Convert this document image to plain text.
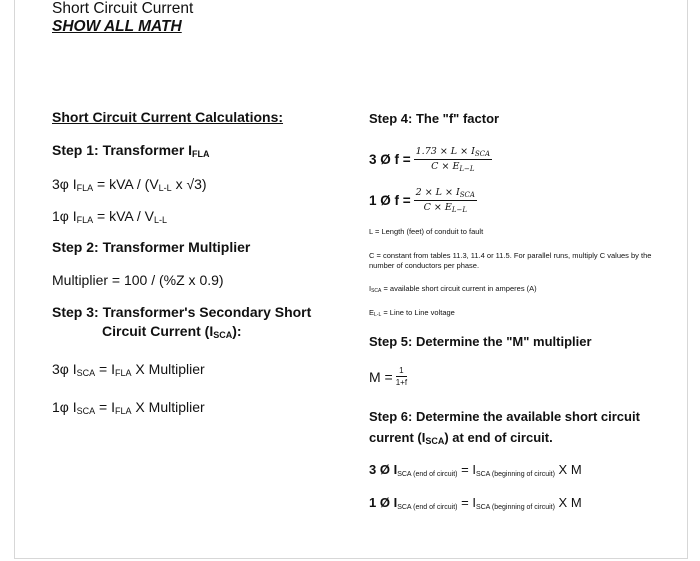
Short Circuit Current
SHOW ALL MATH
Short Circuit Current Calculations:
Step 1: Transformer $I_{FLA}$
3φ $I_{FLA}$ = kVA / ($V_{L-L}$ x √3)
1φ $I_{FLA}$ = kVA / $V_{L-L}$
Step 2: Transformer Multiplier
Multiplier = 100 / (%Z x 0.9)
Step 3: Transformer's Secondary Short
Circuit Current $(I_{SCA})$:
3φ $I_{SCA} = I_{FLA}$ X Multiplier
1φ $I_{SCA} = I_{FLA}$ X Multiplier
Step 4: The "f" factor
3 Ø $f = \frac{1.73 \times L \times I_{SCA}}{C \times E_{L-L}}$
1 Ø $f = \frac{2 \times L \times I_{SCA}}{C \times E_{L-L}}$
L = Length (feet) of conduit to fault
C = constant from tables 11.3, 11.4 or 11.5. For parallel runs, multiply C values by the number of conductors per phase.
ISCA = available short circuit current in amperes (A)
EL-L = Line to Line voltage
Step 5: Determine the "M" multiplier
$M = \frac{1}{1+f}$
Step 6: Determine the available short circuit
current $(I_{SCA})$ at end of circuit.
3 Ø ISCA (end of circuit) = ISCA (beginning of circuit) X M
1 Ø ISCA (end of circuit) = ISCA (beginning of circuit) X M
